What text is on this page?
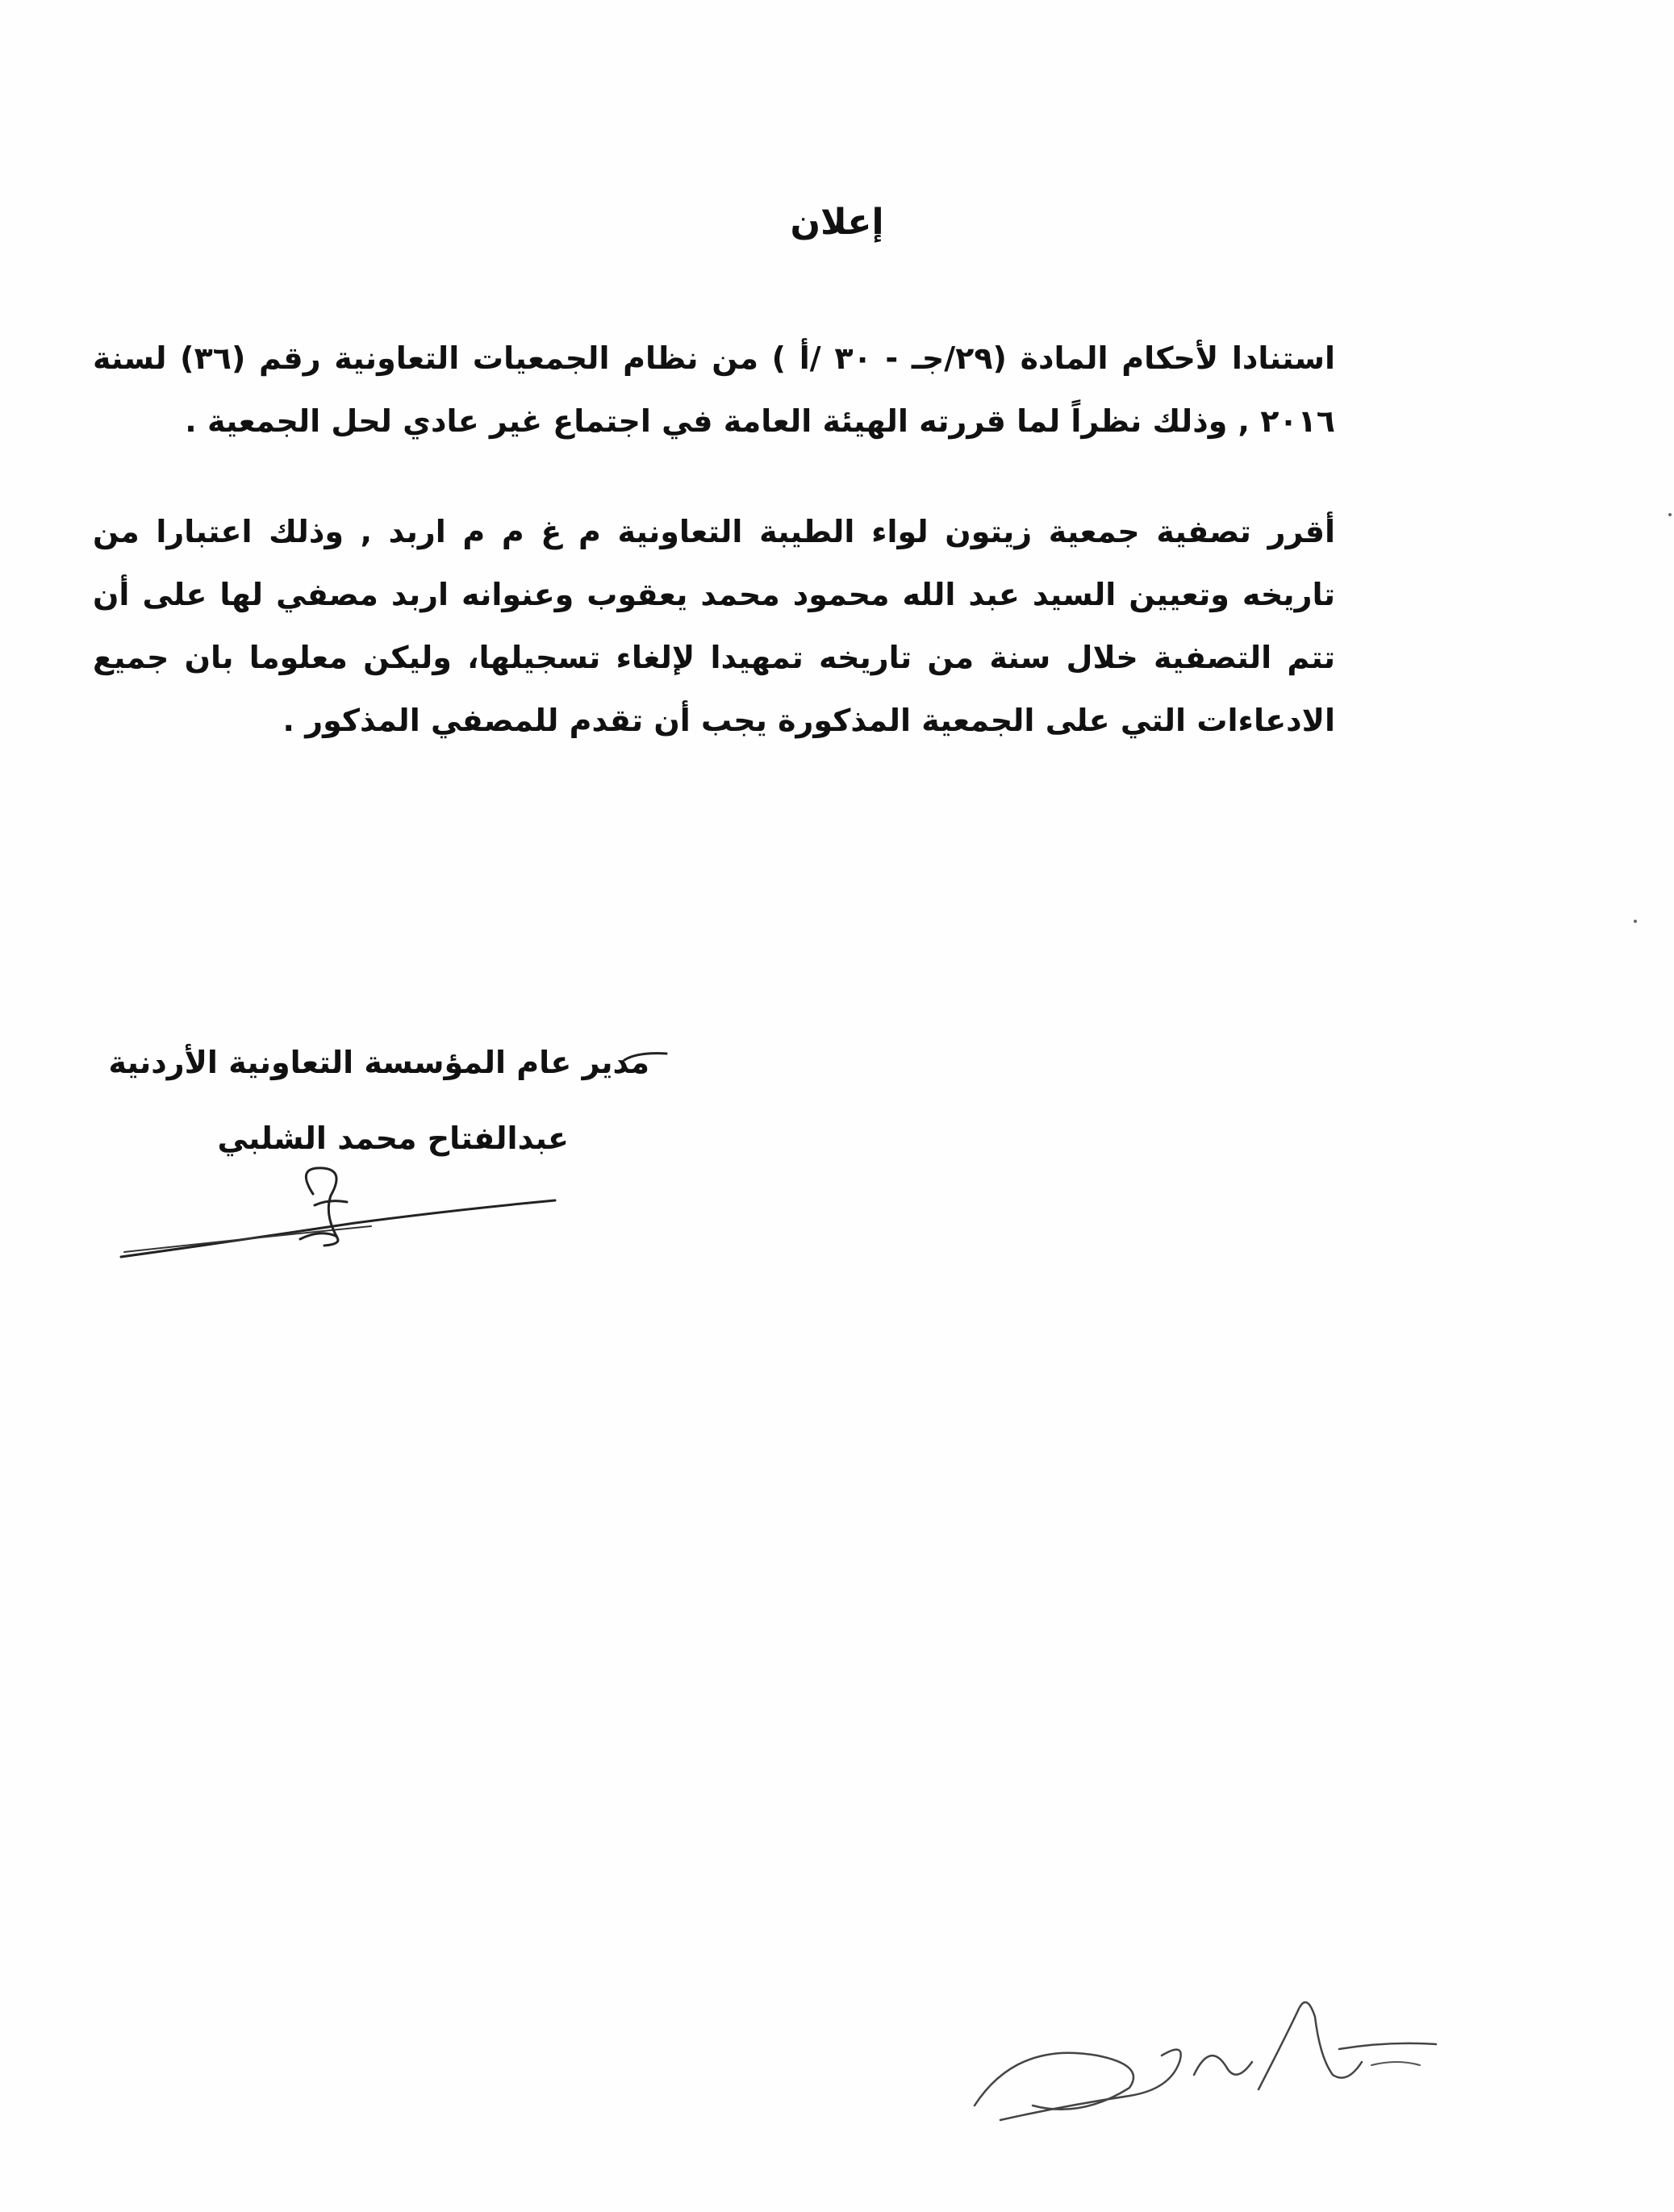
إعلان
استنادا لأحكام المادة (٢٩/جـ - ٣٠ /أ ) من نظام الجمعيات التعاونية رقم (٣٦) لسنة ٢٠١٦ , وذلك نظراً لما قررته الهيئة العامة في اجتماع غير عادي لحل الجمعية .
أقرر تصفية جمعية زيتون لواء الطيبة التعاونية م غ م م اربد , وذلك اعتبارا من تاريخه وتعيين السيد عبد الله محمود محمد يعقوب وعنوانه اربد مصفي لها على أن تتم التصفية خلال سنة من تاريخه تمهيدا لإلغاء تسجيلها، وليكن معلوما بان جميع الادعاءات التي على الجمعية المذكورة يجب أن تقدم للمصفي المذكور .
مدير عام المؤسسة التعاونية الأردنية
عبدالفتاح محمد الشلبي
